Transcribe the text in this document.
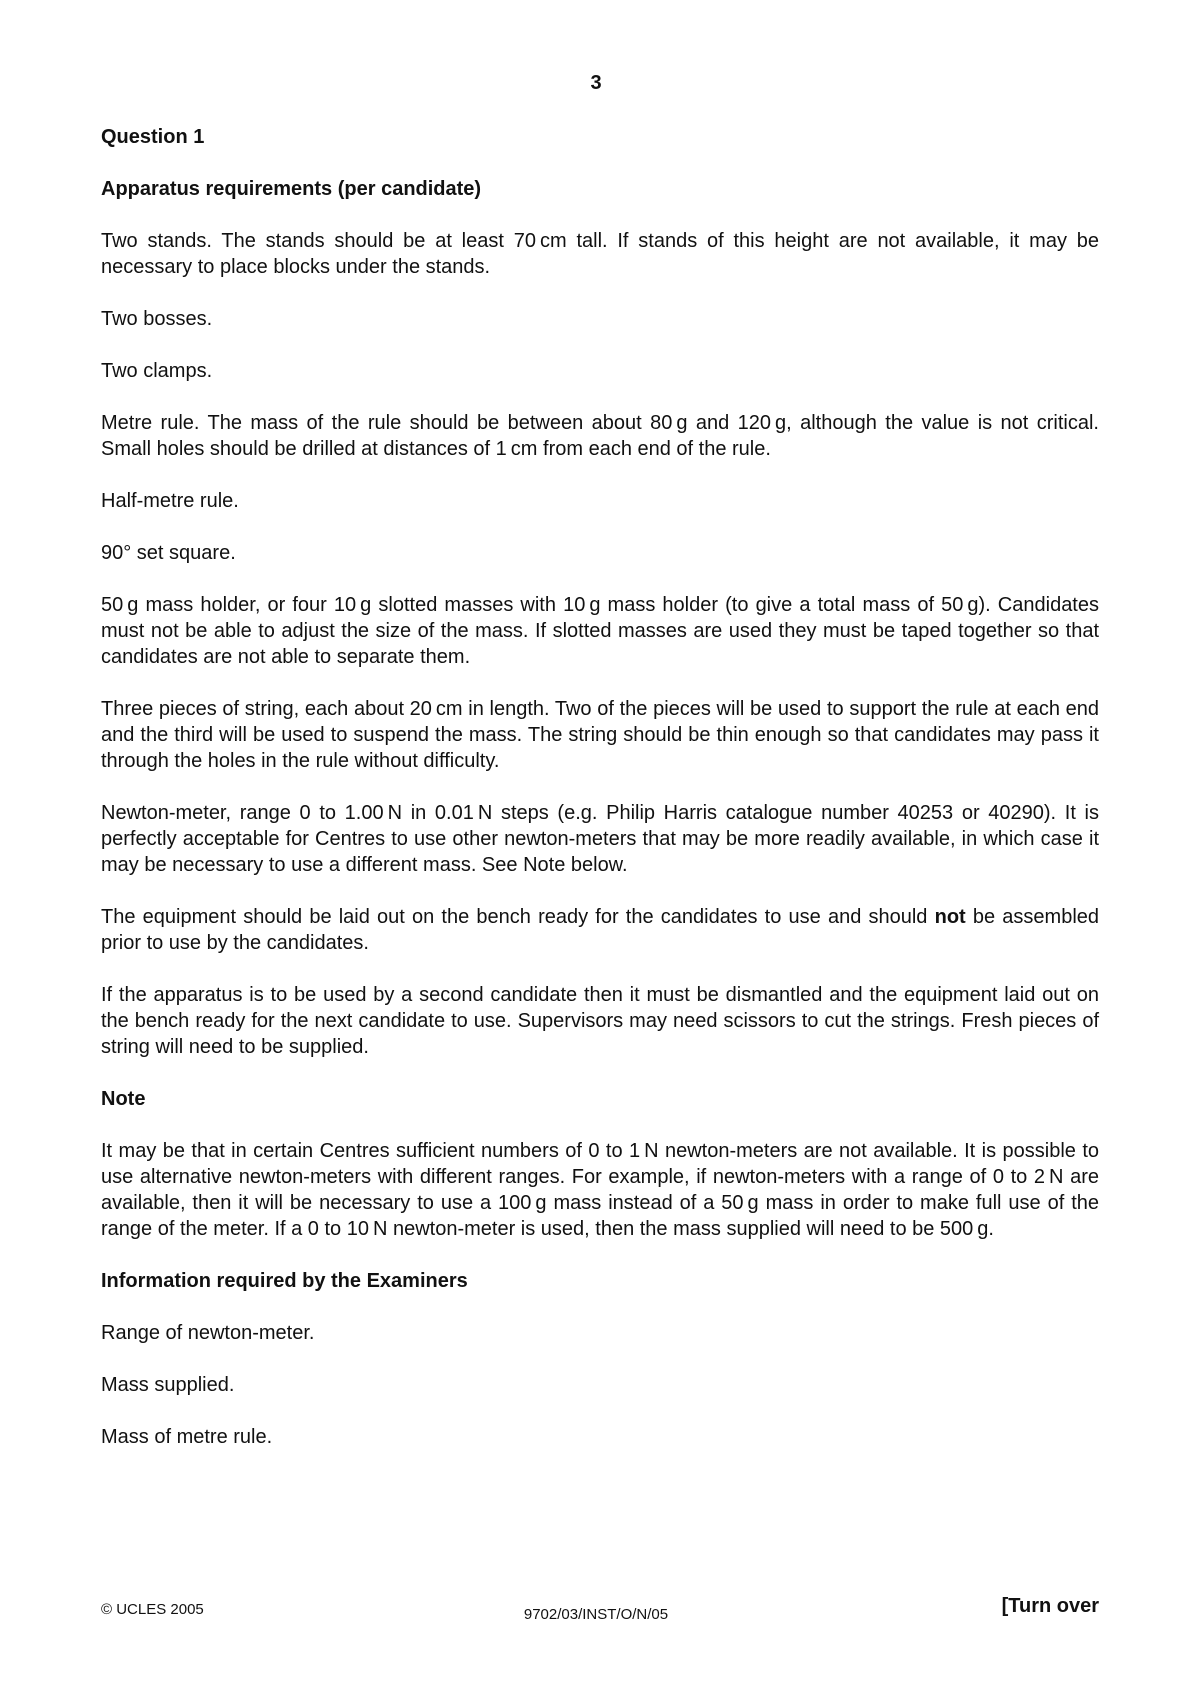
3

Question 1

Apparatus requirements (per candidate)

Two stands. The stands should be at least 70 cm tall. If stands of this height are not available, it may be necessary to place blocks under the stands.

Two bosses.

Two clamps.

Metre rule. The mass of the rule should be between about 80 g and 120 g, although the value is not critical. Small holes should be drilled at distances of 1 cm from each end of the rule.

Half-metre rule.

90° set square.

50 g mass holder, or four 10 g slotted masses with 10 g mass holder (to give a total mass of 50 g). Candidates must not be able to adjust the size of the mass. If slotted masses are used they must be taped together so that candidates are not able to separate them.

Three pieces of string, each about 20 cm in length. Two of the pieces will be used to support the rule at each end and the third will be used to suspend the mass. The string should be thin enough so that candidates may pass it through the holes in the rule without difficulty.

Newton-meter, range 0 to 1.00 N in 0.01 N steps (e.g. Philip Harris catalogue number 40253 or 40290). It is perfectly acceptable for Centres to use other newton-meters that may be more readily available, in which case it may be necessary to use a different mass. See Note below.

The equipment should be laid out on the bench ready for the candidates to use and should not be assembled prior to use by the candidates.

If the apparatus is to be used by a second candidate then it must be dismantled and the equipment laid out on the bench ready for the next candidate to use. Supervisors may need scissors to cut the strings. Fresh pieces of string will need to be supplied.

Note

It may be that in certain Centres sufficient numbers of 0 to 1 N newton-meters are not available. It is possible to use alternative newton-meters with different ranges. For example, if newton-meters with a range of 0 to 2 N are available, then it will be necessary to use a 100 g mass instead of a 50 g mass in order to make full use of the range of the meter. If a 0 to 10 N newton-meter is used, then the mass supplied will need to be 500 g.

Information required by the Examiners

Range of newton-meter.

Mass supplied.

Mass of metre rule.

© UCLES 2005	9702/03/INST/O/N/05	[Turn over
